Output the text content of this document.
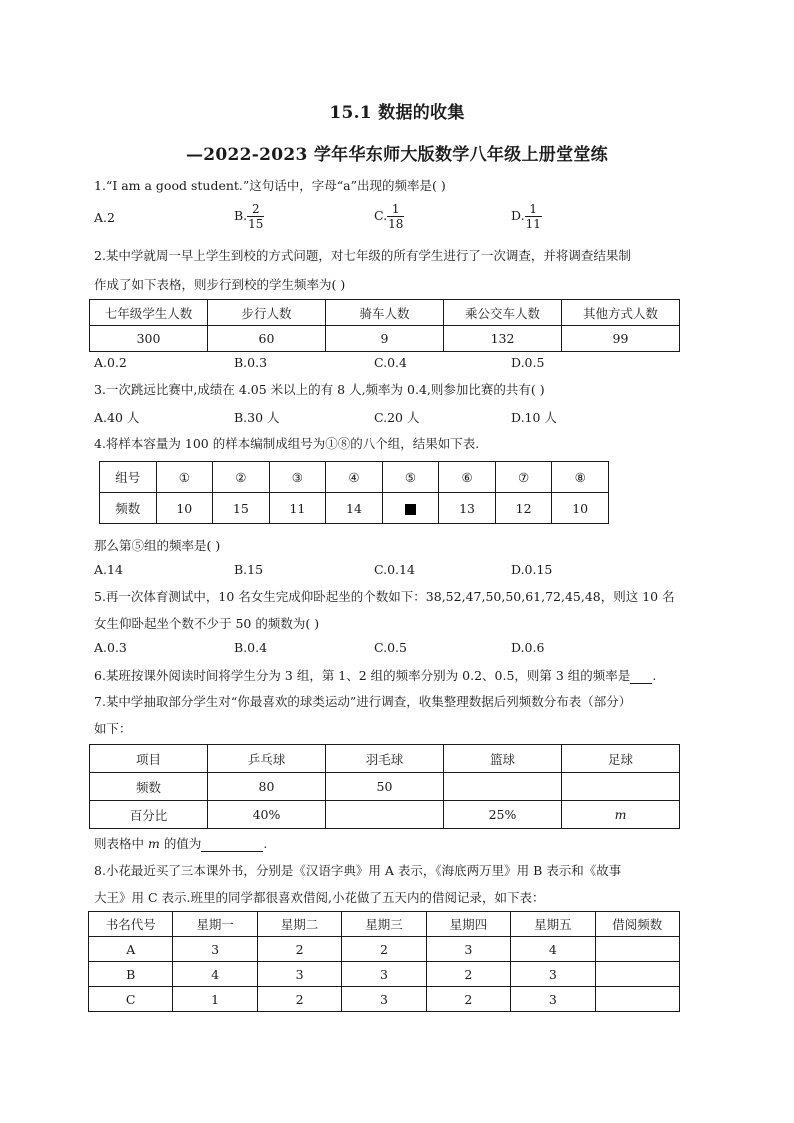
15.1 数据的收集
—2022-2023 学年华东师大版数学八年级上册堂堂练
1.“I am a good student.”这句话中，字母“a”出现的频率是( )
A.2	B. $\frac{2}{15}$	C. $\frac{1}{18}$	D. $\frac{1}{11}$
2.某中学就周一早上学生到校的方式问题，对七年级的所有学生进行了一次调查，并将调查结果制
作成了如下表格，则步行到校的学生频率为( )
七年级学生人数	步行人数	骑车人数	乘公交车人数	其他方式人数
300	60	9	132	99
A.0.2	B.0.3	C.0.4	D.0.5
3.一次跳远比赛中,成绩在 4.05 米以上的有 8 人,频率为 0.4,则参加比赛的共有( )
A.40 人	B.30 人	C.20 人	D.10 人
4.将样本容量为 100 的样本编制成组号为①⑧的八个组，结果如下表.
组号	①	②	③	④	⑤	⑥	⑦	⑧
频数	10	15	11	14		13	12	10
那么第⑤组的频率是( )
A.14	B.15	C.0.14	D.0.15
5.再一次体育测试中，10 名女生完成仰卧起坐的个数如下：38,52,47,50,50,61,72,45,48，则这 10 名
女生仰卧起坐个数不少于 50 的频数为( )
A.0.3	B.0.4	C.0.5	D.0.6
6.某班按课外阅读时间将学生分为 3 组，第 1、2 组的频率分别为 0.2、0.5，则第 3 组的频率是 .
7.某中学抽取部分学生对“你最喜欢的球类运动”进行调查，收集整理数据后列频数分布表（部分）
如下：
项目	乒乓球	羽毛球	篮球	足球
频数	80	50		
百分比	40%		25%	m
则表格中 m 的值为	.
8.小花最近买了三本课外书，分别是《汉语字典》用 A 表示，《海底两万里》用 B 表示和《故事
大王》用 C 表示.班里的同学都很喜欢借阅,小花做了五天内的借阅记录，如下表：
书名代号	星期一	星期二	星期三	星期四	星期五	借阅频数
A	3	2	2	3	4	
B	4	3	3	2	3	
C	1	2	3	2	3	
